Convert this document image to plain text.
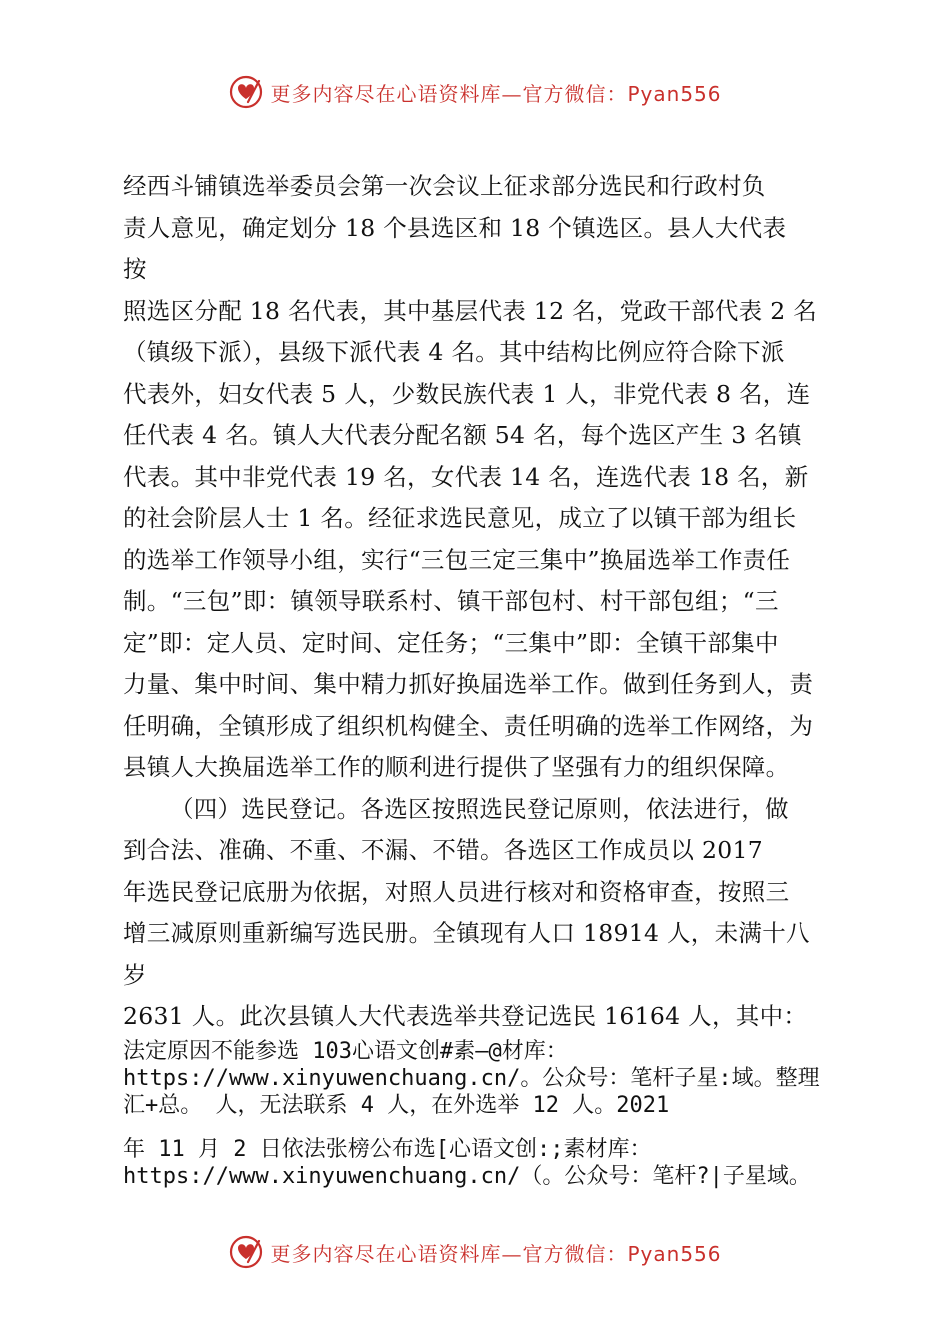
更多内容尽在心语资料库—官方微信：Pyan556
经西斗铺镇选举委员会第一次会议上征求部分选民和行政村负
责人意见，确定划分 18 个县选区和 18 个镇选区。县人大代表
按
照选区分配 18 名代表，其中基层代表 12 名，党政干部代表 2 名
（镇级下派），县级下派代表 4 名。其中结构比例应符合除下派
代表外，妇女代表 5 人，少数民族代表 1 人，非党代表 8 名，连
任代表 4 名。镇人大代表分配名额 54 名，每个选区产生 3 名镇
代表。其中非党代表 19 名，女代表 14 名，连选代表 18 名，新
的社会阶层人士 1 名。经征求选民意见，成立了以镇干部为组长
的选举工作领导小组，实行“三包三定三集中”换届选举工作责任
制。“三包”即：镇领导联系村、镇干部包村、村干部包组；“三
定”即：定人员、定时间、定任务；“三集中”即：全镇干部集中
力量、集中时间、集中精力抓好换届选举工作。做到任务到人，责
任明确，全镇形成了组织机构健全、责任明确的选举工作网络，为
县镇人大换届选举工作的顺利进行提供了坚强有力的组织保障。
（四）选民登记。各选区按照选民登记原则，依法进行，做
到合法、准确、不重、不漏、不错。各选区工作成员以 2017
年选民登记底册为依据，对照人员进行核对和资格审查，按照三
增三减原则重新编写选民册。全镇现有人口 18914 人，未满十八
岁
2631 人。此次县镇人大代表选举共登记选民 16164 人，其中：
法定原因不能参选 103心语文创#素—@材库：
https://www.xinyuwenchuang.cn/。公众号：笔杆子星:域。整理
汇+总。 人，无法联系 4 人，在外选举 12 人。2021
年 11 月 2 日依法张榜公布选[心语文创:;素材库：
https://www.xinyuwenchuang.cn/（。公众号：笔杆?|子星域。
更多内容尽在心语资料库—官方微信：Pyan556
